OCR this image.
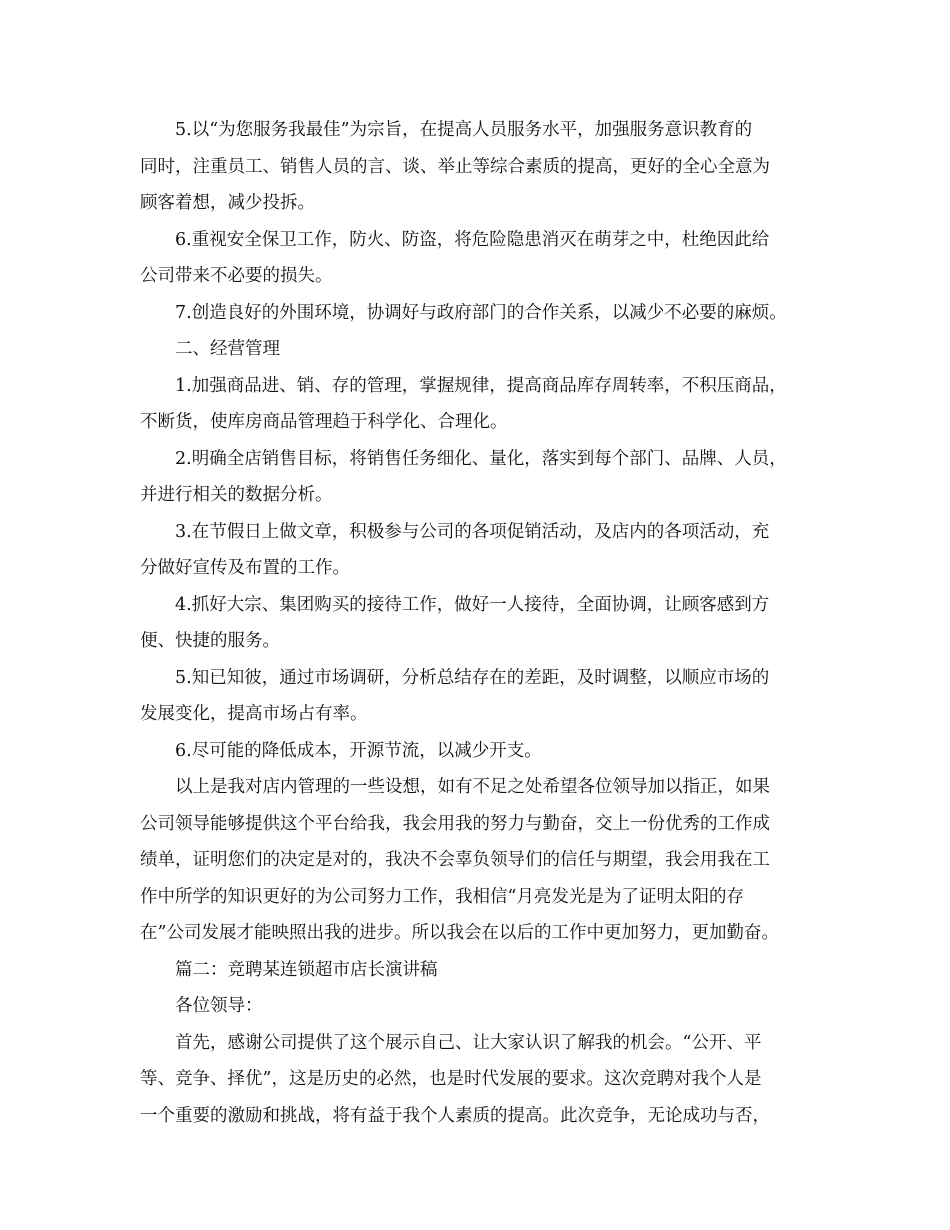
5.以“为您服务我最佳”为宗旨，在提高人员服务水平，加强服务意识教育的
同时，注重员工、销售人员的言、谈、举止等综合素质的提高，更好的全心全意为
顾客着想，减少投拆。

6.重视安全保卫工作，防火、防盗，将危险隐患消灭在萌芽之中，杜绝因此给
公司带来不必要的损失。

7.创造良好的外围环境，协调好与政府部门的合作关系，以减少不必要的麻烦。

二、经营管理

1.加强商品进、销、存的管理，掌握规律，提高商品库存周转率，不积压商品，
不断货，使库房商品管理趋于科学化、合理化。

2.明确全店销售目标，将销售任务细化、量化，落实到每个部门、品牌、人员，
并进行相关的数据分析。

3.在节假日上做文章，积极参与公司的各项促销活动，及店内的各项活动，充
分做好宣传及布置的工作。

4.抓好大宗、集团购买的接待工作，做好一人接待，全面协调，让顾客感到方
便、快捷的服务。

5.知已知彼，通过市场调研，分析总结存在的差距，及时调整，以顺应市场的
发展变化，提高市场占有率。

6.尽可能的降低成本，开源节流，以减少开支。

以上是我对店内管理的一些设想，如有不足之处希望各位领导加以指正，如果
公司领导能够提供这个平台给我，我会用我的努力与勤奋，交上一份优秀的工作成
绩单，证明您们的决定是对的，我决不会辜负领导们的信任与期望，我会用我在工
作中所学的知识更好的为公司努力工作，我相信“月亮发光是为了证明太阳的存
在”公司发展才能映照出我的进步。所以我会在以后的工作中更加努力，更加勤奋。

篇二：竞聘某连锁超市店长演讲稿

各位领导：

首先，感谢公司提供了这个展示自己、让大家认识了解我的机会。“公开、平
等、竞争、择优”，这是历史的必然，也是时代发展的要求。这次竞聘对我个人是
一个重要的激励和挑战，将有益于我个人素质的提高。此次竞争，无论成功与否，
